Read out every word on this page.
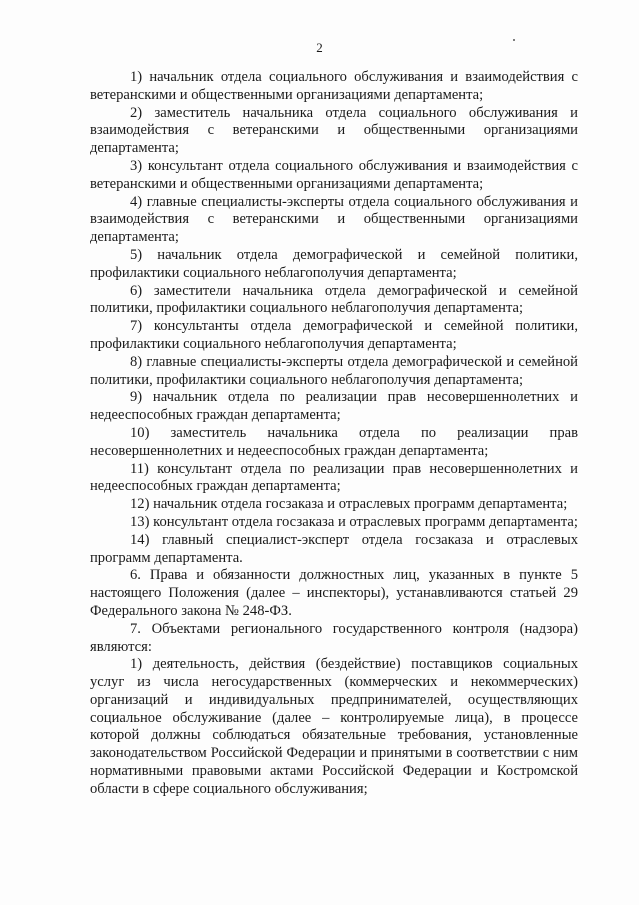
2

1) начальник отдела социального обслуживания и взаимодействия с ветеранскими и общественными организациями департамента;

2) заместитель начальника отдела социального обслуживания и взаимодействия с ветеранскими и общественными организациями департамента;

3) консультант отдела социального обслуживания и взаимодействия с ветеранскими и общественными организациями департамента;

4) главные специалисты-эксперты отдела социального обслуживания и взаимодействия с ветеранскими и общественными организациями департамента;

5) начальник отдела демографической и семейной политики, профилактики социального неблагополучия департамента;

6) заместители начальника отдела демографической и семейной политики, профилактики социального неблагополучия департамента;

7) консультанты отдела демографической и семейной политики, профилактики социального неблагополучия департамента;

8) главные специалисты-эксперты отдела демографической и семейной политики, профилактики социального неблагополучия департамента;

9) начальник отдела по реализации прав несовершеннолетних и недееспособных граждан департамента;

10) заместитель начальника отдела по реализации прав несовершеннолетних и недееспособных граждан департамента;

11) консультант отдела по реализации прав несовершеннолетних и недееспособных граждан департамента;

12) начальник отдела госзаказа и отраслевых программ департамента;

13) консультант отдела госзаказа и отраслевых программ департамента;

14) главный специалист-эксперт отдела госзаказа и отраслевых программ департамента.

6. Права и обязанности должностных лиц, указанных в пункте 5 настоящего Положения (далее – инспекторы), устанавливаются статьей 29 Федерального закона № 248-ФЗ.

7. Объектами регионального государственного контроля (надзора) являются:

1) деятельность, действия (бездействие) поставщиков социальных услуг из числа негосударственных (коммерческих и некоммерческих) организаций и индивидуальных предпринимателей, осуществляющих социальное обслуживание (далее – контролируемые лица), в процессе которой должны соблюдаться обязательные требования, установленные законодательством Российской Федерации и принятыми в соответствии с ним нормативными правовыми актами Российской Федерации и Костромской области в сфере социального обслуживания;
